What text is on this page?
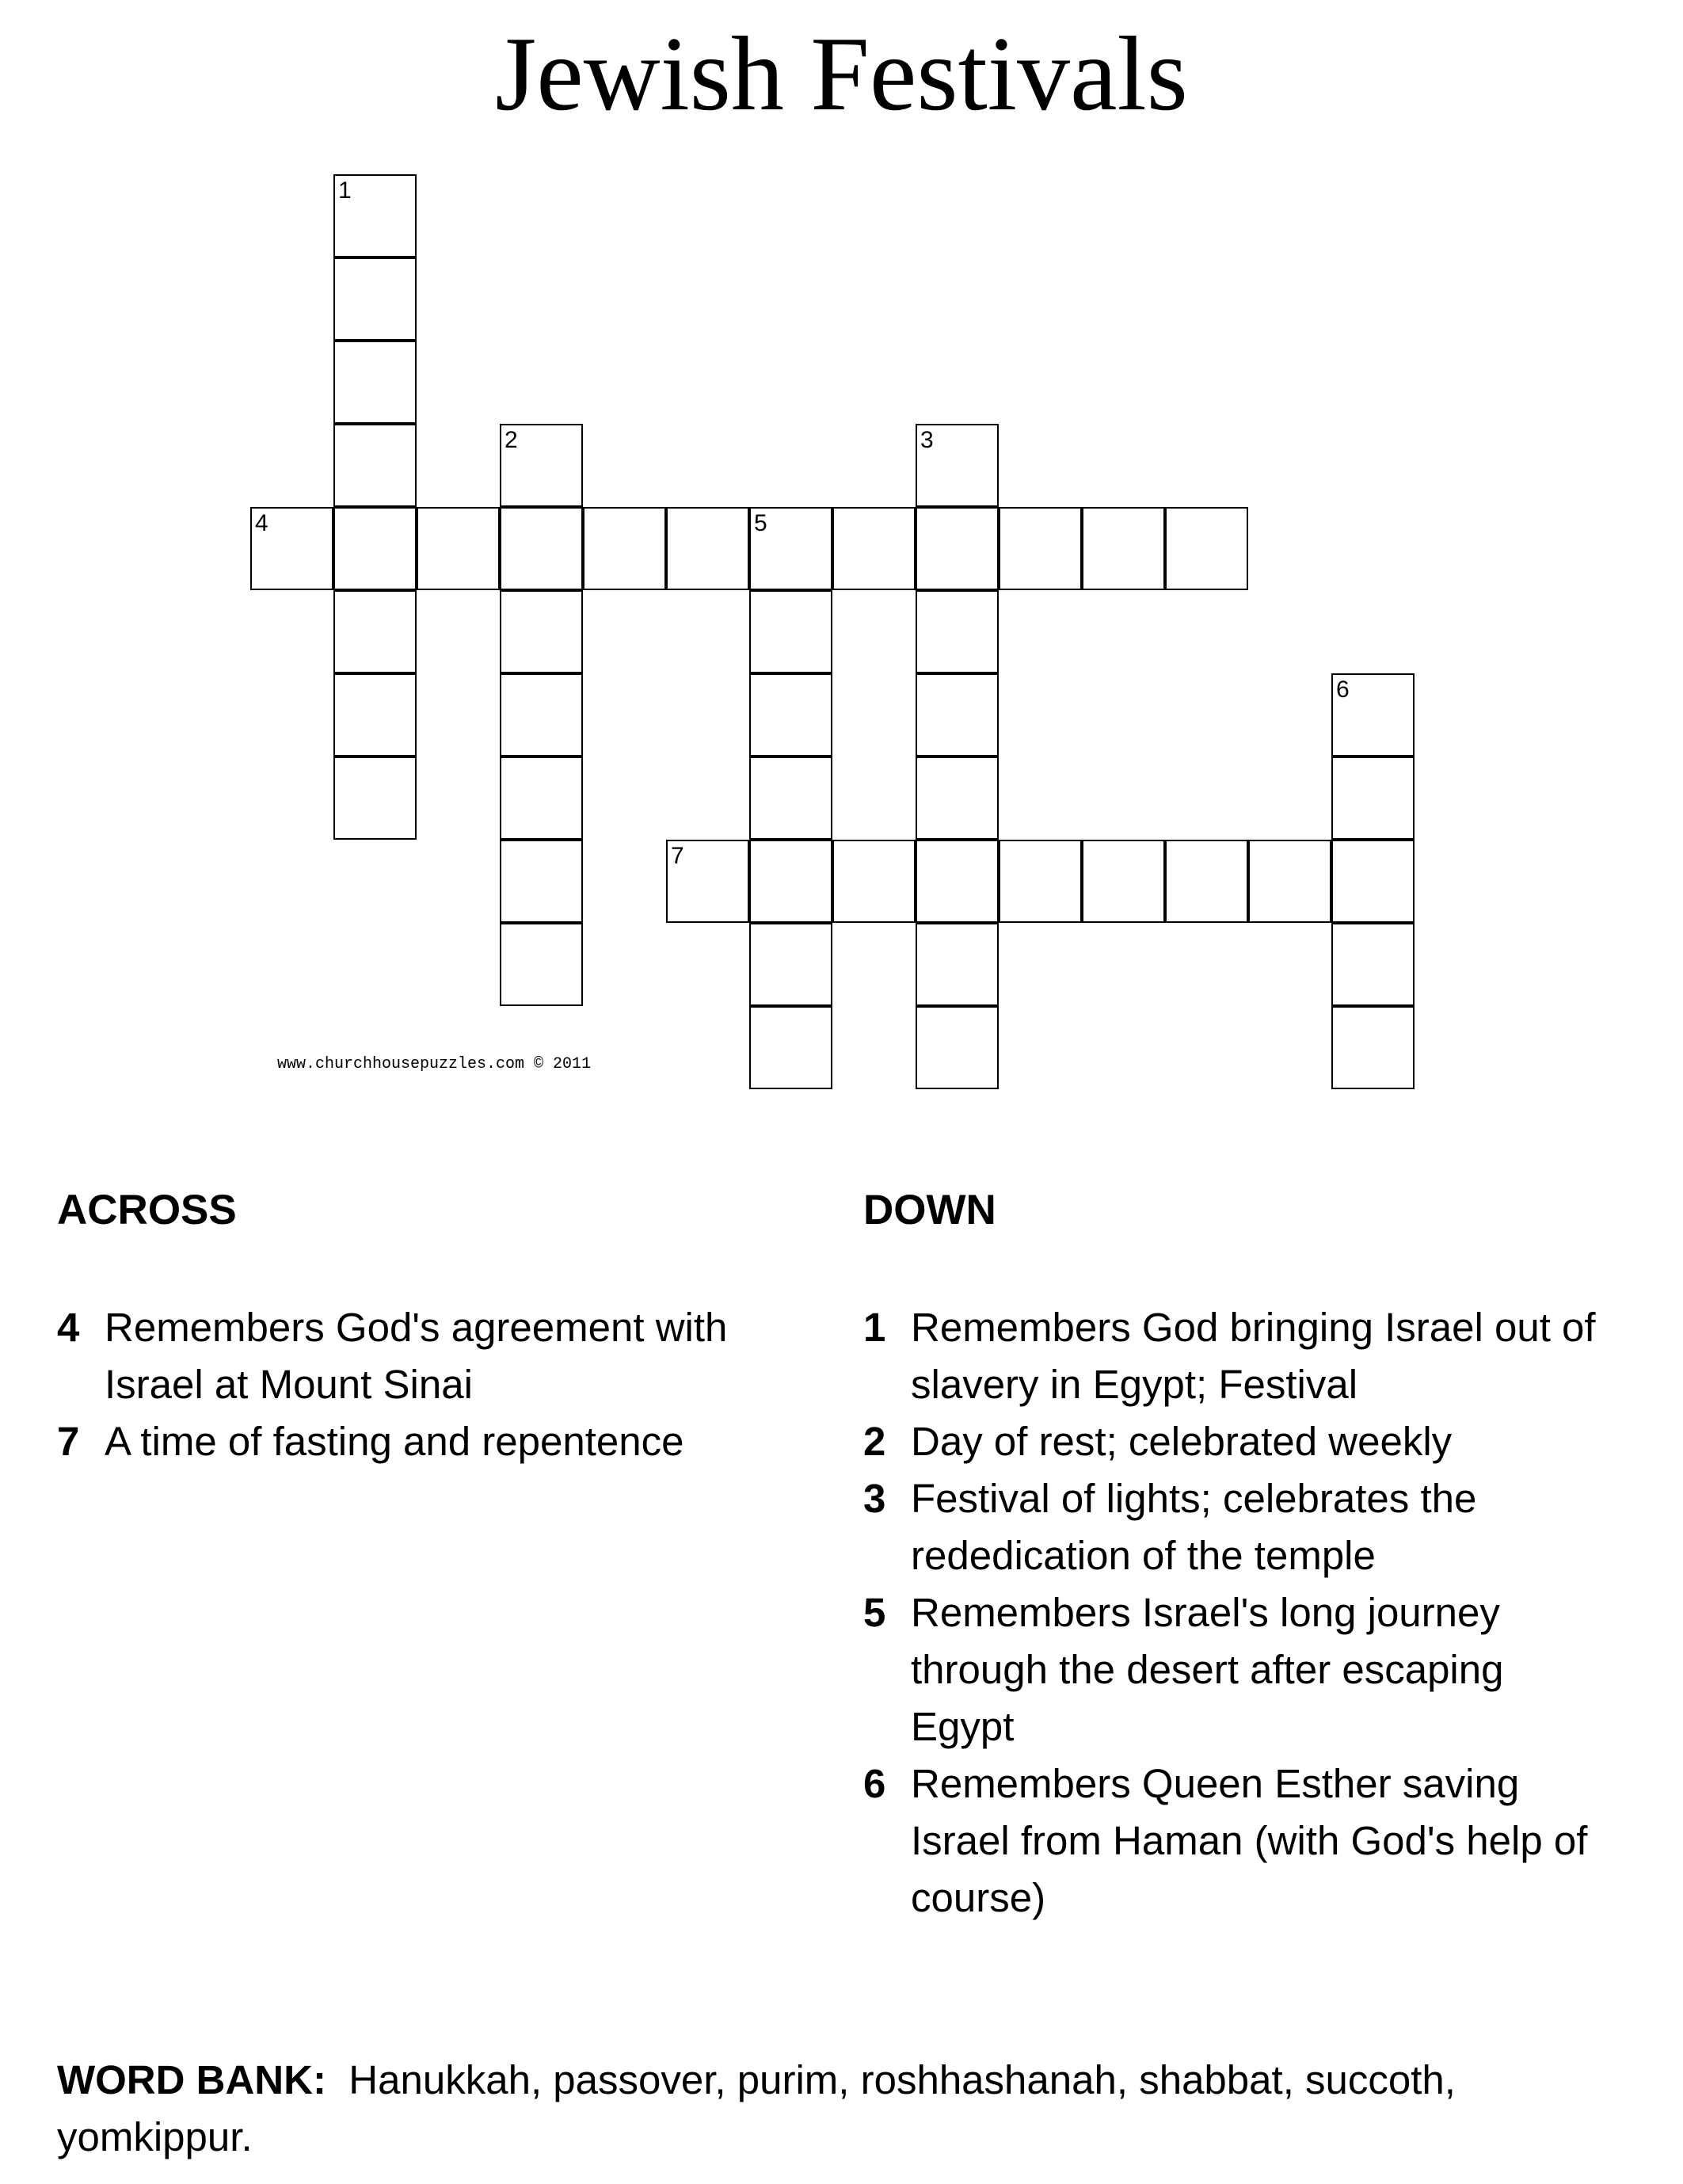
Jewish Festivals
1
2	3
4	5
6
7
www.churchhousepuzzles.com © 2011
ACROSS	DOWN
4 Remembers God's agreement with Israel at Mount Sinai
7 A time of fasting and repentence
1 Remembers God bringing Israel out of slavery in Egypt; Festival
2 Day of rest; celebrated weekly
3 Festival of lights; celebrates the rededication of the temple
5 Remembers Israel's long journey through the desert after escaping Egypt
6 Remembers Queen Esther saving Israel from Haman (with God's help of course)
WORD BANK: Hanukkah, passover, purim, roshhashanah, shabbat, succoth, yomkippur.
